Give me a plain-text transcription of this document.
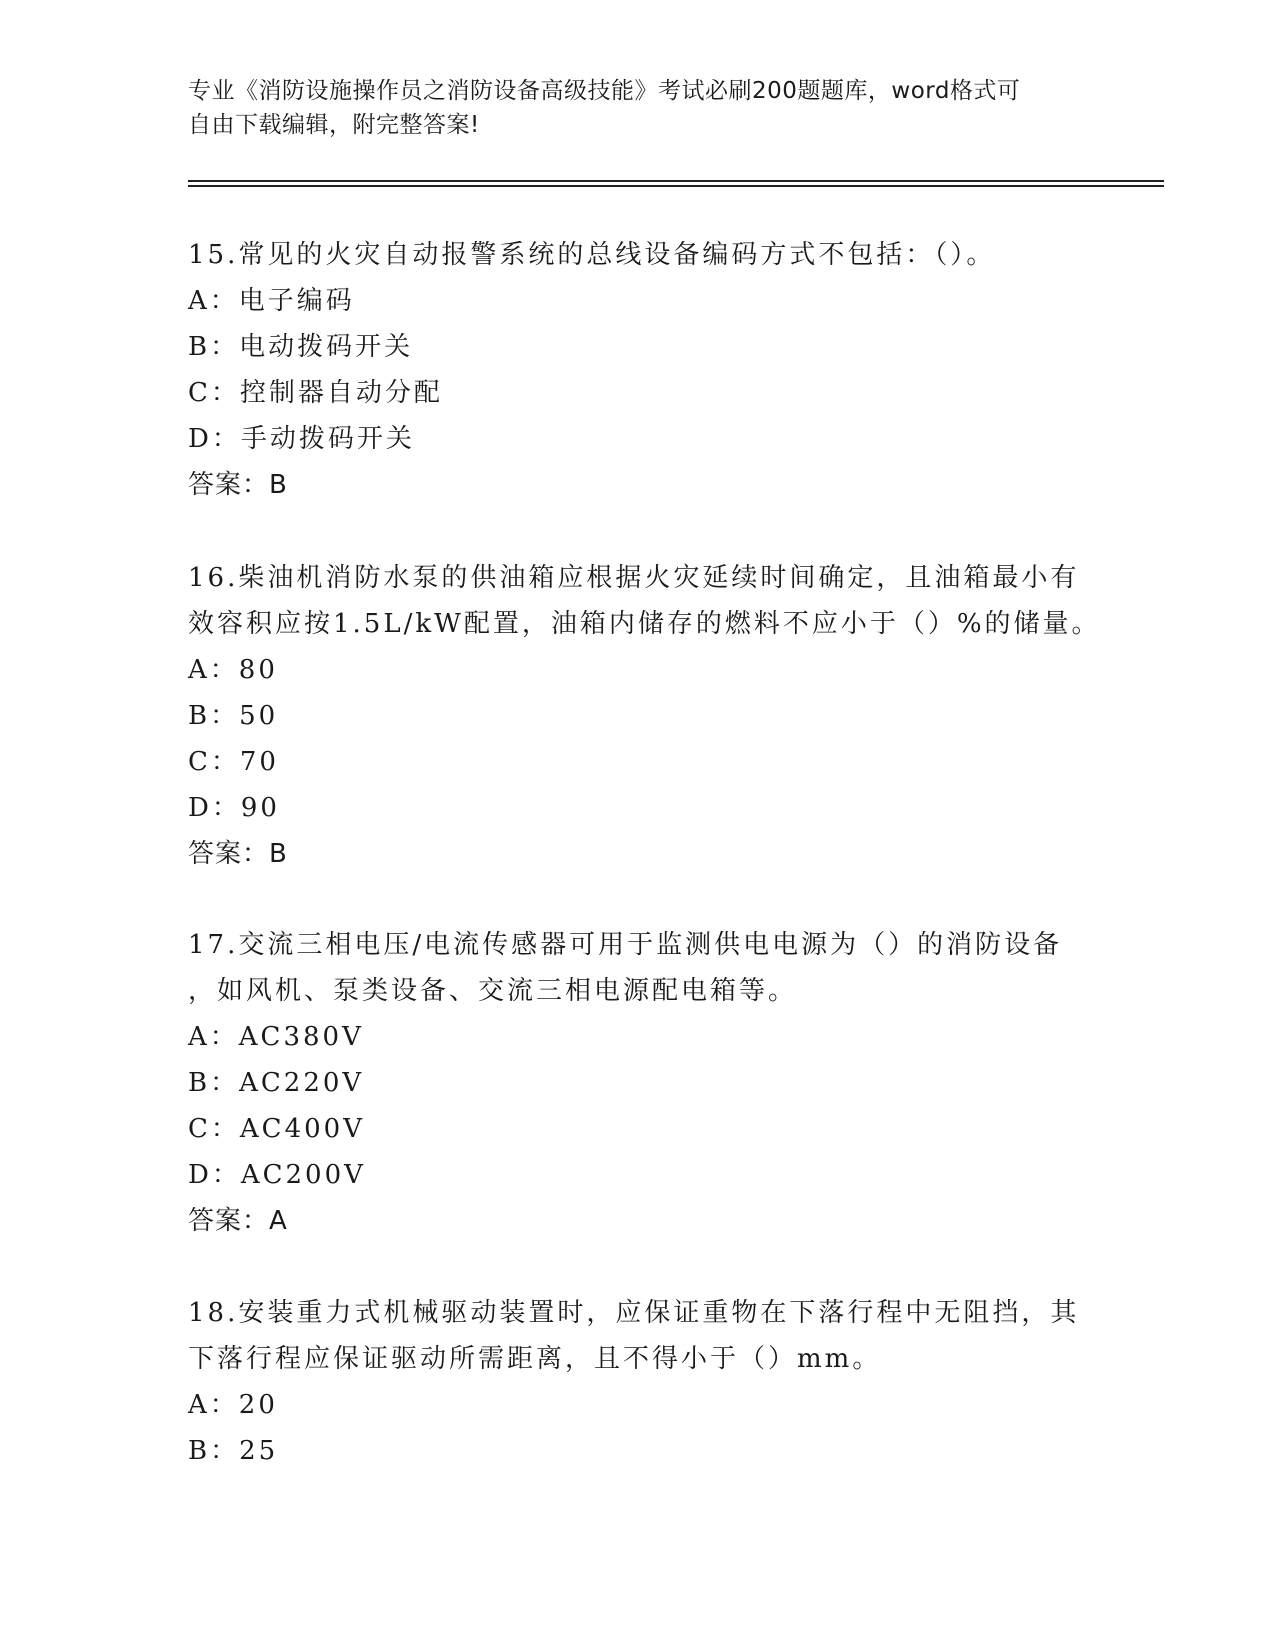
专业《消防设施操作员之消防设备高级技能》考试必刷200题题库，word格式可
自由下载编辑，附完整答案!
15.常见的火灾自动报警系统的总线设备编码方式不包括：（）。
A：电子编码
B：电动拨码开关
C：控制器自动分配
D：手动拨码开关
答案：B
16.柴油机消防水泵的供油箱应根据火灾延续时间确定，且油箱最小有
效容积应按1.5L/kW配置，油箱内储存的燃料不应小于（）%的储量。
A：80
B：50
C：70
D：90
答案：B
17.交流三相电压/电流传感器可用于监测供电电源为（）的消防设备
，如风机、泵类设备、交流三相电源配电箱等。
A：AC380V
B：AC220V
C：AC400V
D：AC200V
答案：A
18.安装重力式机械驱动装置时，应保证重物在下落行程中无阻挡，其
下落行程应保证驱动所需距离，且不得小于（）mm。
A：20
B：25
